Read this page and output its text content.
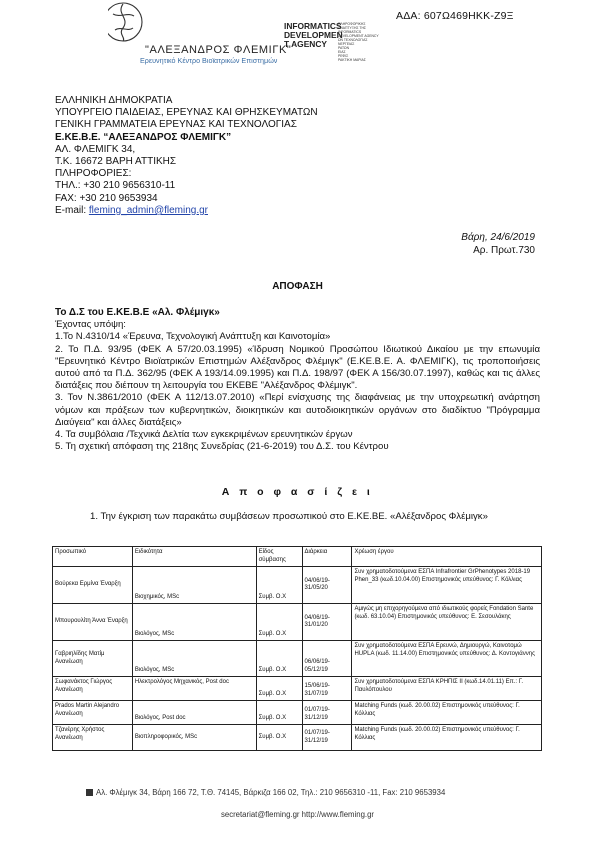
ΑΔΑ: 607Ω469ΗΚΚ-Ζ9Ξ
"ΑΛΕΞΑΝΔΡΟΣ ΦΛΕΜΙΓΚ"
Ερευνητικό Κέντρο Βιοϊατρικών Επιστημών
INFORMATICS
DEVELOPMEN
T AGENCY
ΠΛΗΡΟΦΟΡΙΚΗΣ
ΑΝΑΠΤΥΞΗΣ ΤΗΣ
INFORMATICS
DEVELOPMENT AGENCY
ΩΝ ΤΕΧΝΟΛΟΓΙΑΣ
ΝΕΡΓΕΙΑΣ
ΡΑΤΩΝ
ΕΙΑΣ
ΡΕΦΙΣ
ΡΑΚΤΙΚΗ ΜΑΡΙΑΣ
ΕΛΛΗΝΙΚΗ ΔΗΜΟΚΡΑΤΙΑ
ΥΠΟΥΡΓΕΙΟ ΠΑΙΔΕΙΑΣ, ΕΡΕΥΝΑΣ ΚΑΙ ΘΡΗΣΚΕΥΜΑΤΩΝ
ΓΕΝΙΚΗ ΓΡΑΜΜΑΤΕΙΑ ΕΡΕΥΝΑΣ ΚΑΙ ΤΕΧΝΟΛΟΓΙΑΣ
Ε.ΚΕ.Β.Ε. “ΑΛΕΞΑΝΔΡΟΣ ΦΛΕΜΙΓΚ”
ΑΛ. ΦΛΕΜΙΓΚ 34,
Τ.Κ. 16672 ΒΑΡΗ ΑΤΤΙΚΗΣ
ΠΛΗΡΟΦΟΡΙΕΣ:
ΤΗΛ.: +30 210 9656310-11
FAX: +30 210 9653934
E-mail: fleming_admin@fleming.gr
Βάρη, 24/6/2019
Αρ. Πρωτ.730
ΑΠΟΦΑΣΗ

Το Δ.Σ του Ε.ΚΕ.Β.Ε «Αλ. Φλέμιγκ»

Έχοντας υπόψη:

1.Το Ν.4310/14 «Έρευνα, Τεχνολογική Ανάπτυξη και Καινοτομία»

2. Το Π.Δ. 93/95 (ΦΕΚ Α 57/20.03.1995) «Ίδρυση Νομικού Προσώπου Ιδιωτικού Δικαίου με την επωνυμία "Ερευνητικό Κέντρο Βιοϊατρικών Επιστημών Αλέξανδρος Φλέμιγκ" (Ε.ΚΕ.Β.Ε. Α. ΦΛΕΜΙΓΚ), τις τροποποιήσεις αυτού από τα Π.Δ. 362/95 (ΦΕΚ Α 193/14.09.1995) και Π.Δ. 198/97 (ΦΕΚ Α 156/30.07.1997), καθώς και τις άλλες διατάξεις που διέπουν τη λειτουργία του ΕΚΕΒΕ "Αλέξανδρος Φλέμιγκ".

3. Τον Ν.3861/2010 (ΦΕΚ Α 112/13.07.2010) «Περί ενίσχυσης της διαφάνειας με την υποχρεωτική ανάρτηση νόμων και πράξεων των κυβερνητικών, διοικητικών και αυτοδιοικητικών οργάνων στο διαδίκτυο "Πρόγραμμα Διαύγεια" και άλλες διατάξεις»

4. Τα συμβόλαια /Τεχνικά Δελτία των εγκεκριμένων ερευνητικών έργων

5. Τη σχετική απόφαση της 218ης Συνεδρίας (21-6-2019) του Δ.Σ. του Κέντρου

Α π ο φ α σ ί ζ ε ι
1. Την έγκριση των παρακάτω συμβάσεων προσωπικού στο Ε.ΚΕ.ΒΕ. «Αλέξανδρος Φλέμιγκ»
Προσωπικό	Ειδικότητα	Είδος σύμβασης	Διάρκεια	Χρέωση έργου
Βούρεκα Ερμίνα Έναρξη	Βιοχημικός, MSc	Συμβ. Ο.Χ	04/06/19-31/05/20	Συν χρηματοδοτούμενα ΕΣΠΑ Infrafrontier GrPhenotypes 2018-19 Phen_33 (κωδ.10.04.00) Επιστημονικός υπεύθυνος: Γ. Κόλλιας
Μπουρουλίτη Άννα Έναρξη	Βιολόγος, MSc	Συμβ. Ο.Χ	04/06/19-31/01/20	Αμιγώς μη επιχορηγούμενα από ιδιωτικούς φορείς Fondation Sante (κωδ. 63.10.04) Επιστημονικός υπεύθυνος: Ε. Σεσουλάκης
Γαβριηλίδης Ματίμ Ανανέωση	Βιολόγος, MSc	Συμβ. Ο.Χ	06/06/19-05/12/19	Συν χρηματοδοτούμενα ΕΣΠΑ Ερευνώ, Δημιουργώ, Καινοτομώ HUPLA (κωδ. 11.14.00) Επιστημονικός υπεύθυνος: Δ. Κοντογιάννης
Σωφανάκτος Γιώργος Ανανέωση	Ηλεκτρολόγος Μηχανικός, Post doc	Συμβ. Ο.Χ	15/06/19-31/07/19	Συν χρηματοδοτούμενα ΕΣΠΑ ΚΡΗΠΙΣ ΙΙ (κωδ.14.01.11) Επ.: Γ. Παυλόπουλου
Prados Martin Alejandro Ανανέωση	Βιολόγος, Post doc	Συμβ. Ο.Χ	01/07/19-31/12/19	Matching Funds (κωδ. 20.00.02) Επιστημονικός υπεύθυνος: Γ. Κόλλιας
Τζανέρης Χρήστος Ανανέωση	Βιοπληροφορικός, MSc	Συμβ. Ο.Χ	01/07/19-31/12/19	Matching Funds (κωδ. 20.00.02) Επιστημονικός υπεύθυνος: Γ. Κόλλιας
Αλ. Φλέμιγκ 34, Βάρη 166 72, Τ.Θ. 74145, Βάρκιζα 166 02, Τηλ.: 210 9656310 -11, Fax: 210 9653934
secretariat@fleming.gr http://www.fleming.gr
